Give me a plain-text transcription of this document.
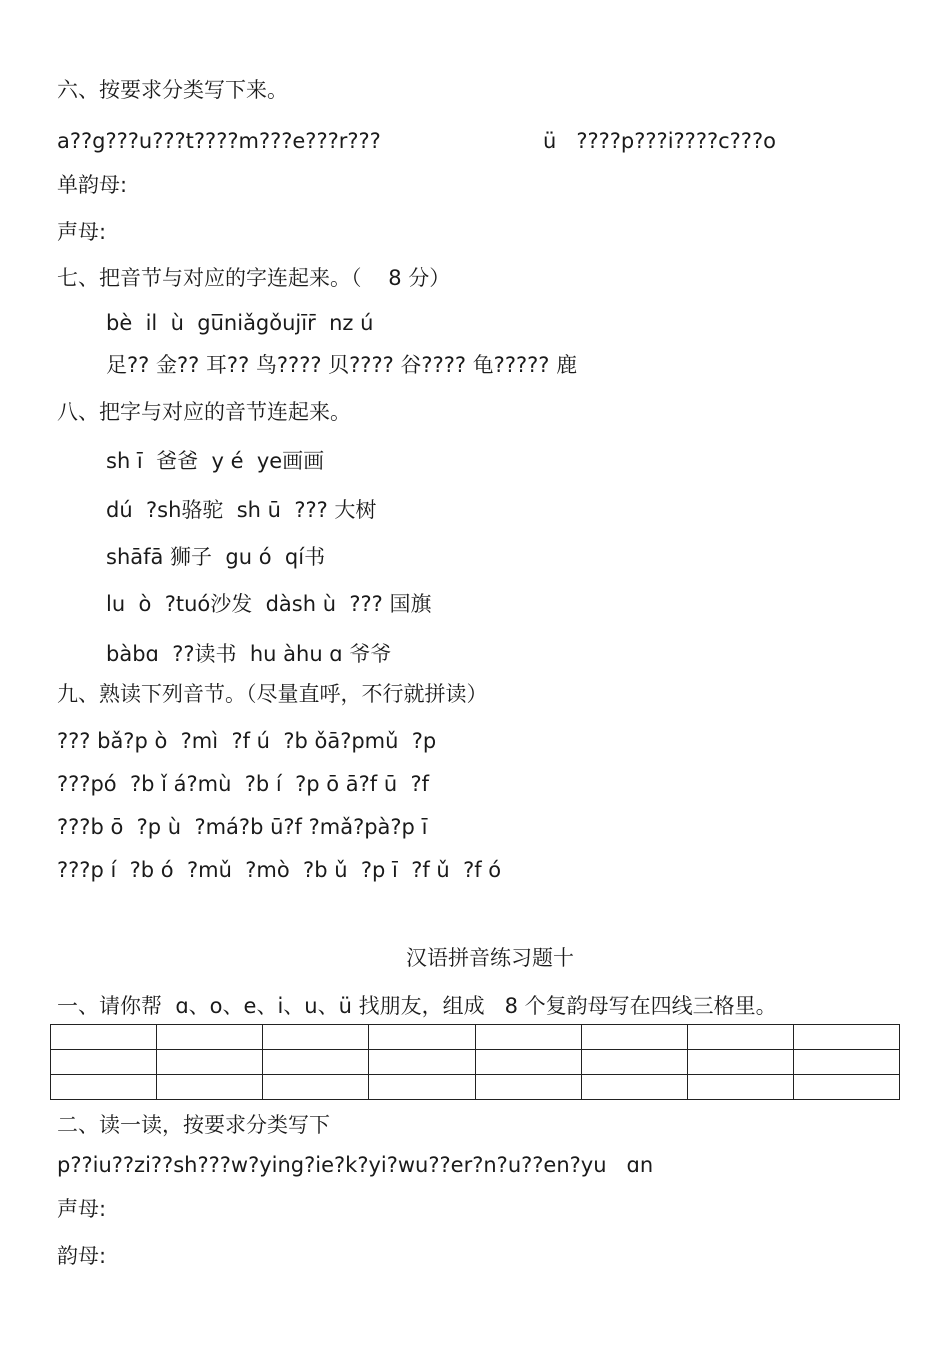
六、按要求分类写下来。
a??g???u???t????m???e???r???	ü   ????p???i????c???o
单韵母:
声母:
七、把音节与对应的字连起来。（    8 分）
bè  il  ù  gu̅niǎgǒujīr̄  nz ú
足?? 金?? 耳?? 鸟???? 贝???? 谷???? 龟????? 鹿
八、把字与对应的音节连起来。
sh ī  爸爸  y é  ye画画
dú  ?sh骆驼  sh ū  ??? 大树
shāfā 狮子  gu ó  qí书
lu  ò  ?tuó沙发  dàsh ù  ??? 国旗
bàbɑ  ??读书  hu àhu ɑ 爷爷
九、熟读下列音节。（尽量直呼，不行就拼读）
??? bǎ?p ò  ?mì  ?f ú  ?b ǒā?pmǔ  ?p
???pó  ?b ǐ á?mù  ?b í  ?p ō ā?f ū  ?f
???b ō  ?p ù  ?má?b ū?f ?mǎ?pà?p ī
???p í  ?b ó  ?mǔ  ?mò  ?b ǔ  ?p ī  ?f ǔ  ?f ó
汉语拼音练习题十
一、请你帮  ɑ、o、e、i、u、ü 找朋友，组成   8 个复韵母写在四线三格里。

二、读一读，按要求分类写下
p??iu??zi??sh???w?ying?ie?k?yi?wu??er?n?u??en?yu   ɑn
声母:
韵母:
